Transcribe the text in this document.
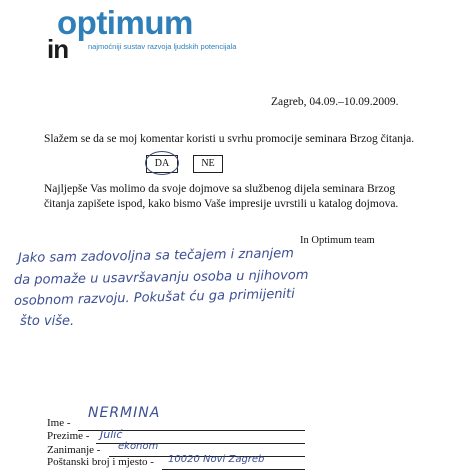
optimum
in	najmoćniji sustav razvoja ljudskih potencijala
Zagreb, 04.09.–10.09.2009.
Slažem se da se moj komentar koristi u svrhu promocije seminara Brzog čitanja.
DA	NE
Najljepše Vas molimo da svoje dojmove sa službenog dijela seminara Brzog čitanja zapišete ispod, kako bismo Vaše impresije uvrstili u katalog dojmova.
In Optimum team
Jako sam zadovoljna sa tečajem i znanjem
da pomaže u usavršavanju osoba u njihovom
osobnom razvoju. Pokušat ću ga primijeniti
što više.
Ime -
NERMINA
Prezime - Julić
Zanimanje - ekonom
Poštanski broj i mjesto - 10020 Novi Zagreb
